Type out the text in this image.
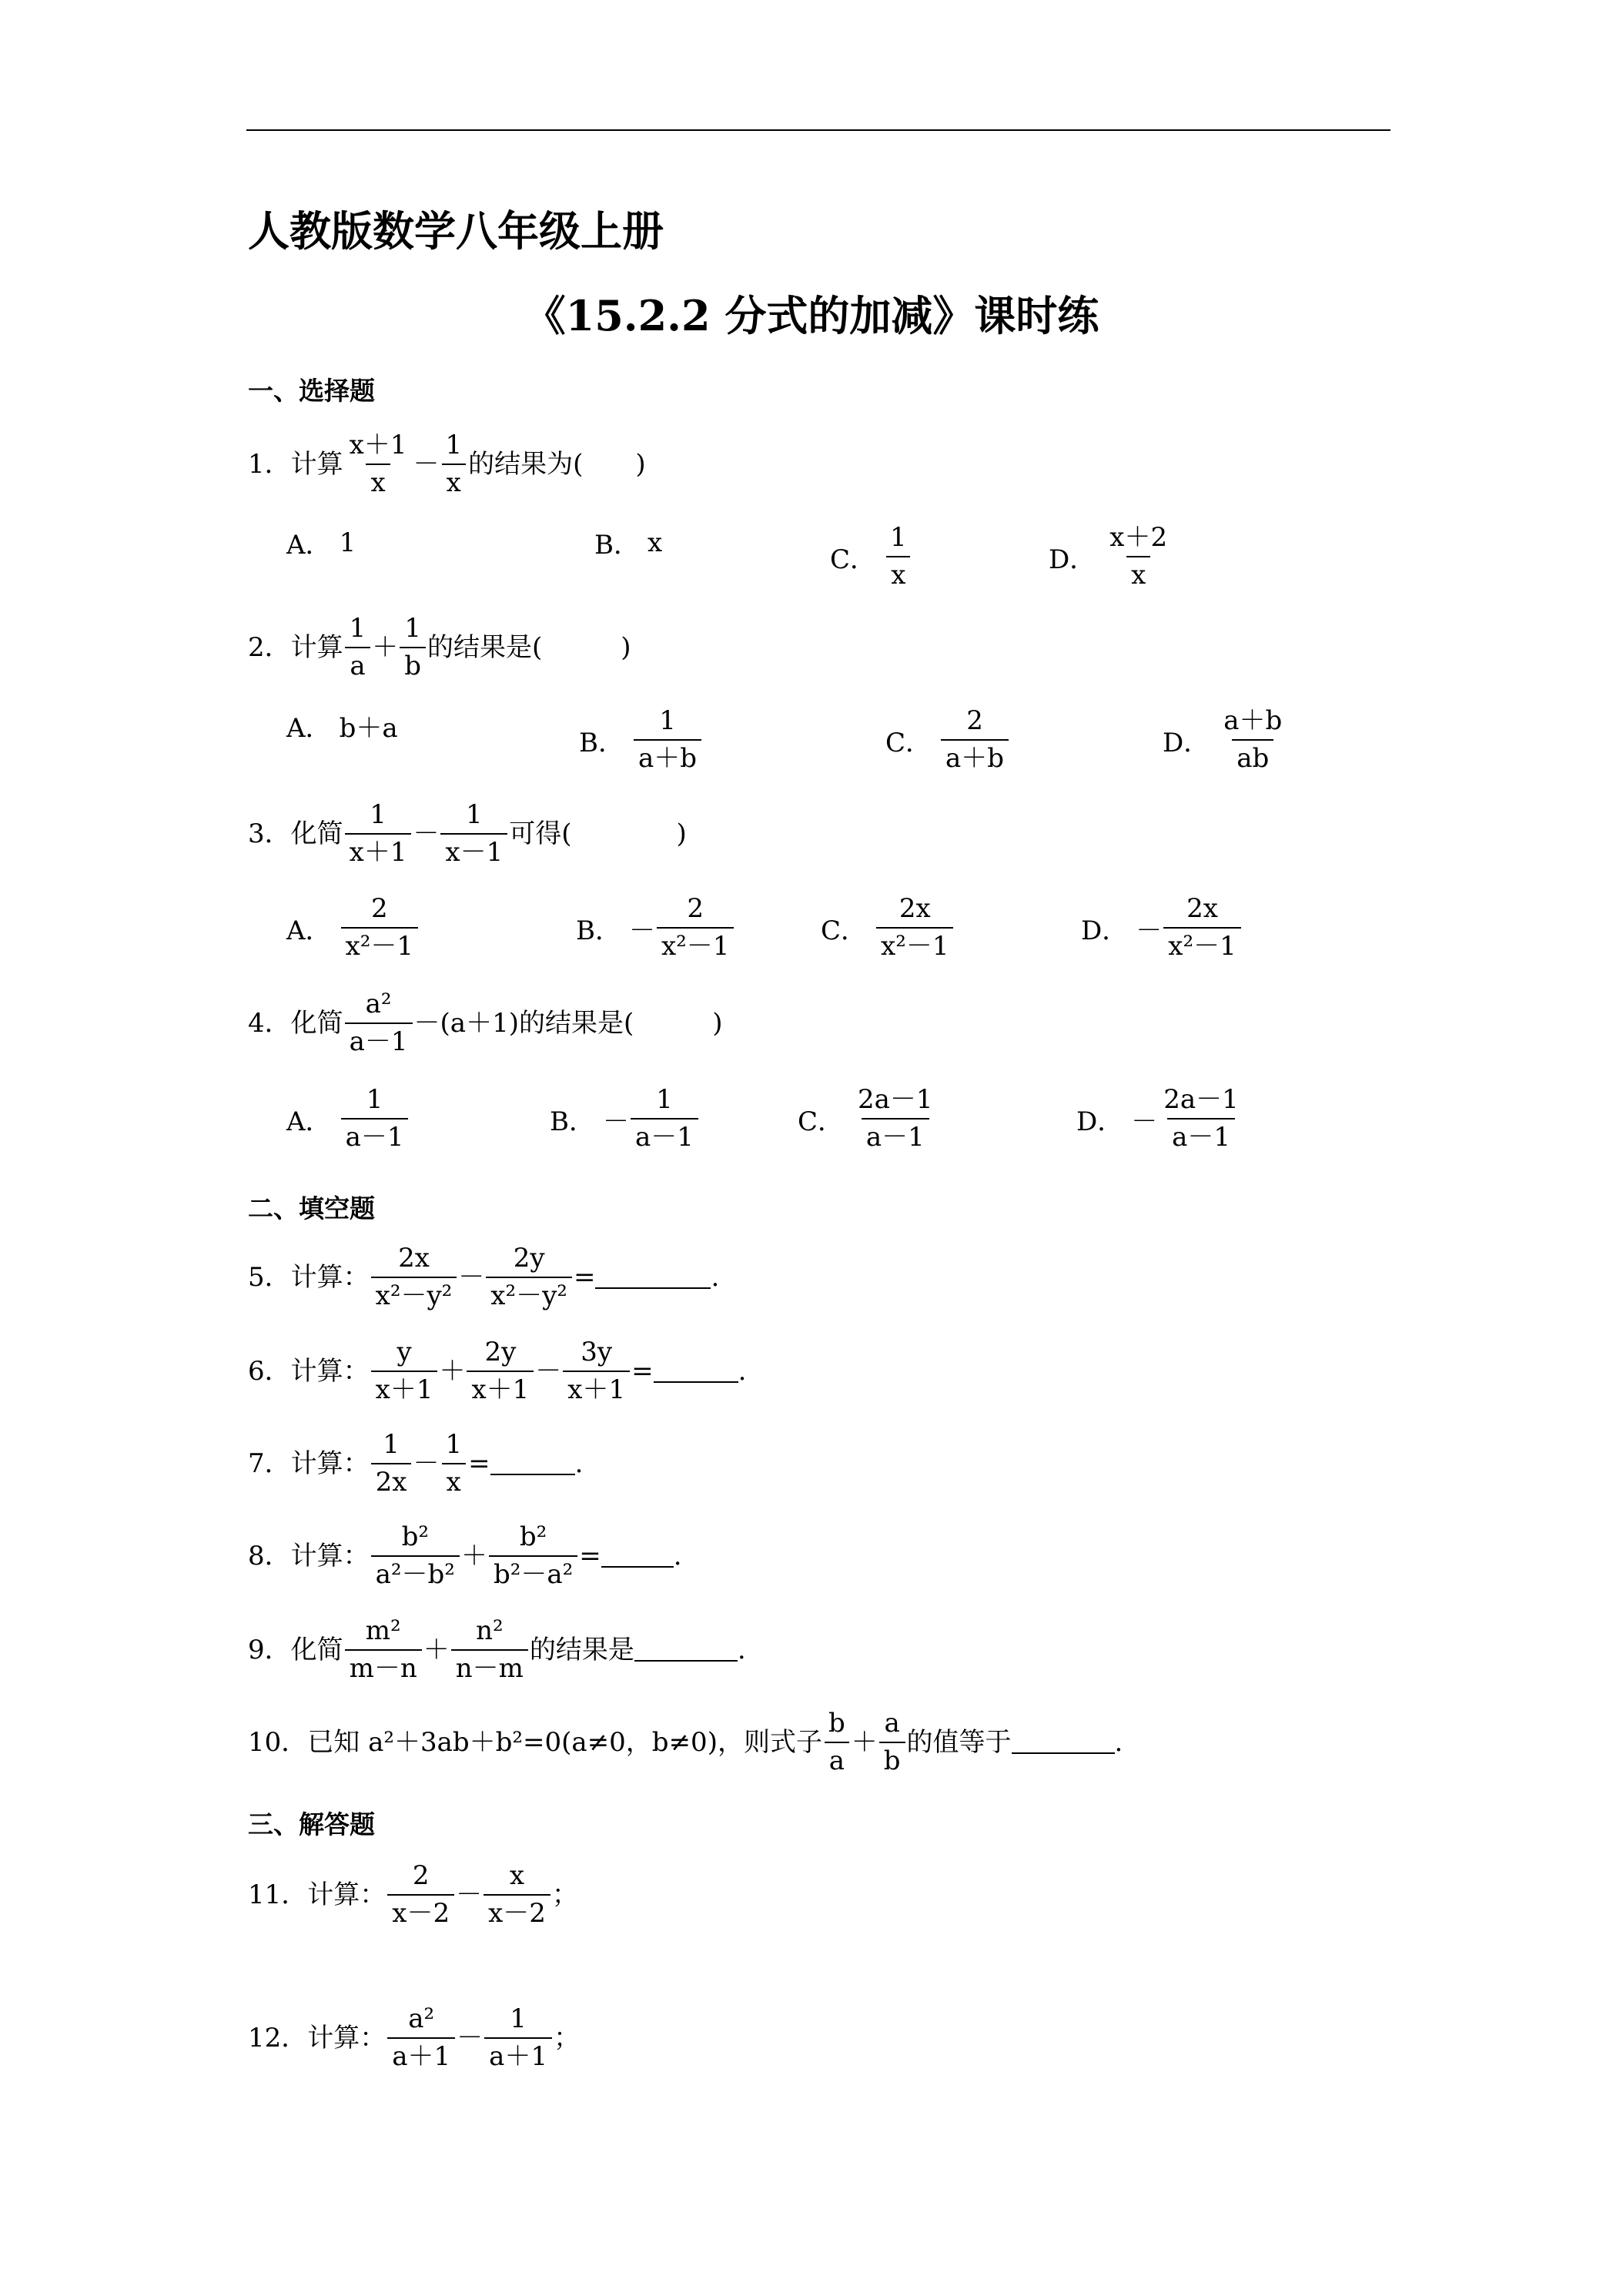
人教版数学八年级上册
《15.2.2 分式的加减》课时练
一、选择题
1．计算 $\frac{x+1}{x} - \frac{1}{x}$ 的结果为(　　)
A． 1	B． x
C． $\frac{1}{x}$	D． $\frac{x+2}{x}$
2．计算 $\frac{1}{a} + \frac{1}{b}$ 的结果是(　　　)
A． b＋a	B． $\frac{1}{a+b}$	C． $\frac{2}{a+b}$	D． $\frac{a+b}{ab}$
3．化简 $\frac{1}{x+1} - \frac{1}{x-1}$ 可得(　　　　)
A． $\frac{2}{\text{x²－1}}$	B． － $\frac{2}{\text{x²－1}}$	C． $\frac{2x}{\text{x²－1}}$	D． － $\frac{2x}{\text{x²－1}}$
4．化简 $\frac{\text{a²}}{a-1} -(a+1)$的结果是(　　　)
A． $\frac{1}{a-1}$	B． － $\frac{1}{a-1}$	C． $\frac{2a-1}{a-1}$	D． － $\frac{2a-1}{a-1}$
二、填空题
5．计算： $\frac{2x}{\text{x²－y²}} - \frac{2y}{\text{x²－y²}}$ =	.
6．计算： $\frac{y}{x+1} + \frac{2y}{x+1} - \frac{3y}{x+1}$ =	.
7．计算： $\frac{1}{2x} - \frac{1}{x}$ =	.
8．计算： $\frac{\text{b²}}{\text{a²－b²}} + \frac{\text{b²}}{\text{b²－a²}}$ =	.
9．化简 $\frac{\text{m²}}{m-n} + \frac{\text{n²}}{n-m}$ 的结果是	.
10．已知 a²＋3ab＋b²=0(a≠0，b≠0)，则式子 $\frac{b}{a} + \frac{a}{b}$ 的值等于	.
三、解答题
11．计算： $\frac{2}{x-2} - \frac{x}{x-2}$ ；
12．计算： $\frac{\text{a²}}{a+1} - \frac{1}{a+1}$ ；
